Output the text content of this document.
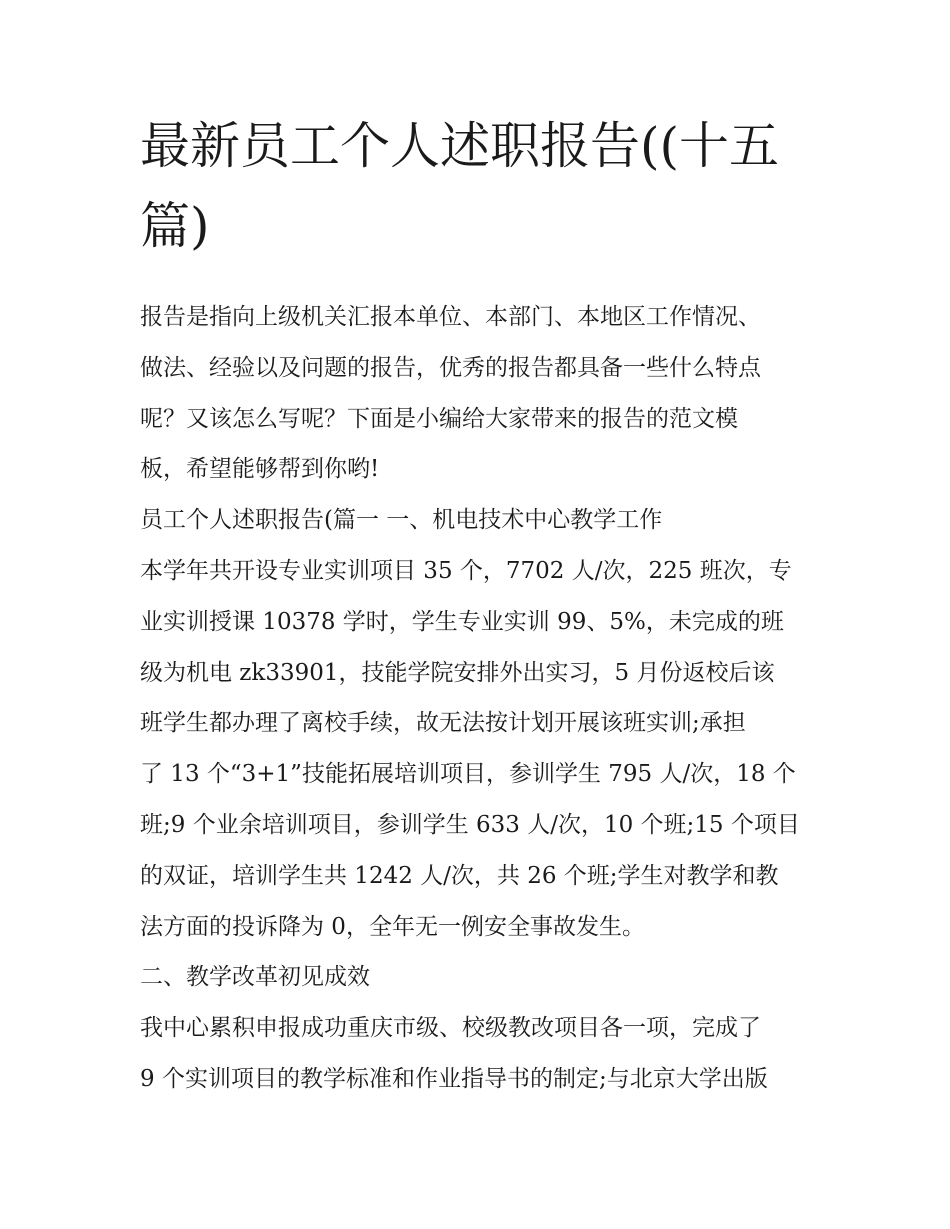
最新员工个人述职报告((十五
篇)
报告是指向上级机关汇报本单位、本部门、本地区工作情况、
做法、经验以及问题的报告，优秀的报告都具备一些什么特点
呢？又该怎么写呢？下面是小编给大家带来的报告的范文模
板，希望能够帮到你哟!
员工个人述职报告(篇一 一、机电技术中心教学工作
本学年共开设专业实训项目 35 个，7702 人/次，225 班次，专
业实训授课 10378 学时，学生专业实训 99、5%，未完成的班
级为机电 zk33901，技能学院安排外出实习，5 月份返校后该
班学生都办理了离校手续，故无法按计划开展该班实训;承担
了 13 个“3+1”技能拓展培训项目，参训学生 795 人/次，18 个
班;9 个业余培训项目，参训学生 633 人/次，10 个班;15 个项目
的双证，培训学生共 1242 人/次，共 26 个班;学生对教学和教
法方面的投诉降为 0，全年无一例安全事故发生。
二、教学改革初见成效
我中心累积申报成功重庆市级、校级教改项目各一项，完成了
9 个实训项目的教学标准和作业指导书的制定;与北京大学出版
